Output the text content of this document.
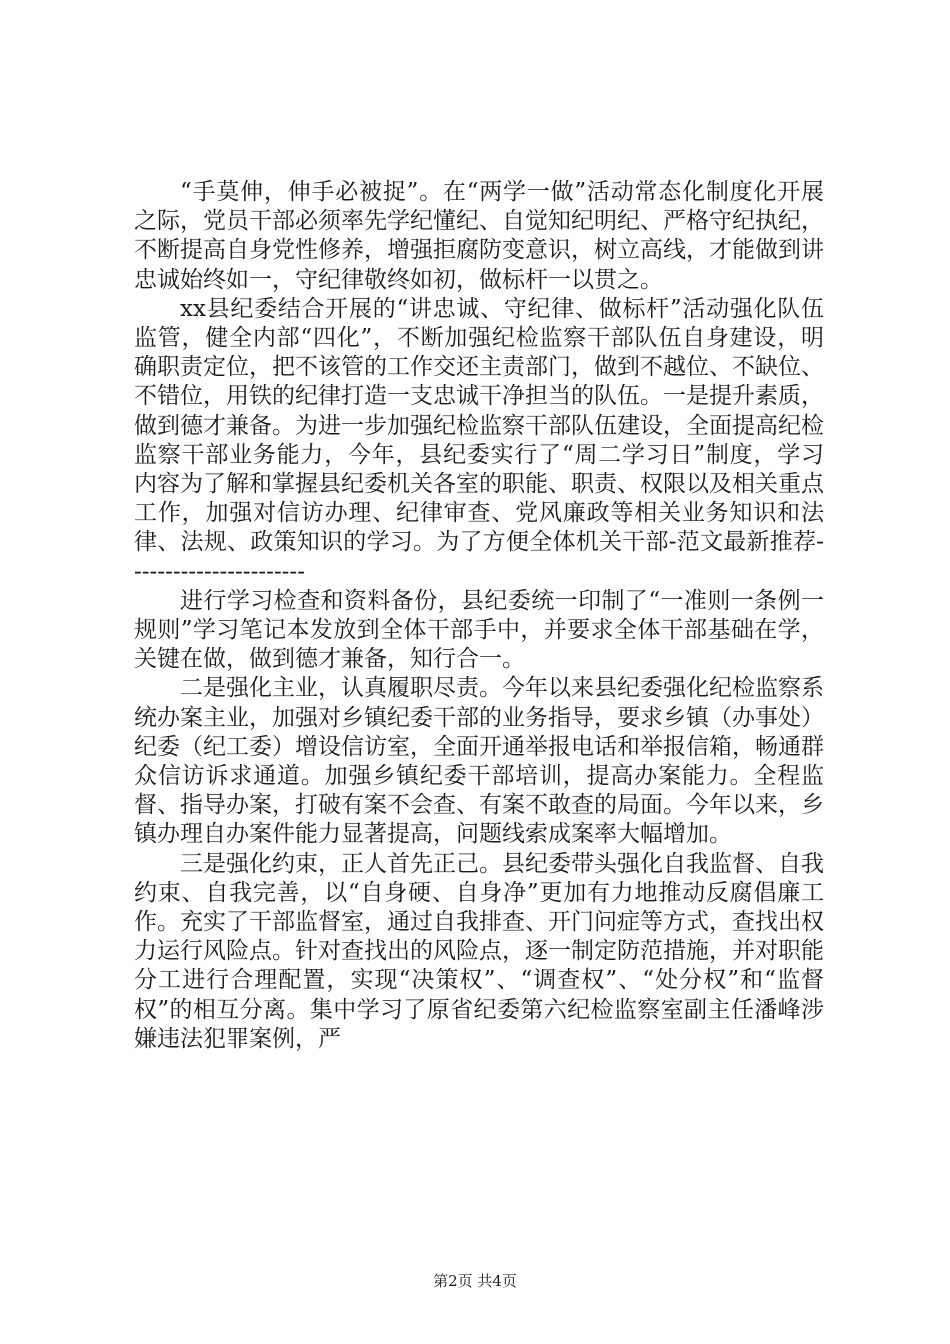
“手莫伸，伸手必被捉”。在“两学一做”活动常态化制度化开展之际，党员干部必须率先学纪懂纪、自觉知纪明纪、严格守纪执纪，不断提高自身党性修养，增强拒腐防变意识，树立高线，才能做到讲忠诚始终如一，守纪律敬终如初，做标杆一以贯之。

xx县纪委结合开展的“讲忠诚、守纪律、做标杆”活动强化队伍监管，健全内部“四化”，不断加强纪检监察干部队伍自身建设，明确职责定位，把不该管的工作交还主责部门，做到不越位、不缺位、不错位，用铁的纪律打造一支忠诚干净担当的队伍。一是提升素质，做到德才兼备。为进一步加强纪检监察干部队伍建设，全面提高纪检监察干部业务能力，今年，县纪委实行了“周二学习日”制度，学习内容为了解和掌握县纪委机关各室的职能、职责、权限以及相关重点工作，加强对信访办理、纪律审查、党风廉政等相关业务知识和法律、法规、政策知识的学习。为了方便全体机关干部-范文最新推荐-----------------------

进行学习检查和资料备份，县纪委统一印制了“一准则一条例一规则”学习笔记本发放到全体干部手中，并要求全体干部基础在学，关键在做，做到德才兼备，知行合一。

二是强化主业，认真履职尽责。今年以来县纪委强化纪检监察系统办案主业，加强对乡镇纪委干部的业务指导，要求乡镇（办事处）纪委（纪工委）增设信访室，全面开通举报电话和举报信箱，畅通群众信访诉求通道。加强乡镇纪委干部培训，提高办案能力。全程监督、指导办案，打破有案不会查、有案不敢查的局面。今年以来，乡镇办理自办案件能力显著提高，问题线索成案率大幅增加。

三是强化约束，正人首先正己。县纪委带头强化自我监督、自我约束、自我完善，以“自身硬、自身净”更加有力地推动反腐倡廉工作。充实了干部监督室，通过自我排查、开门问症等方式，查找出权力运行风险点。针对查找出的风险点，逐一制定防范措施，并对职能分工进行合理配置，实现“决策权”、“调查权”、“处分权”和“监督权”的相互分离。集中学习了原省纪委第六纪检监察室副主任潘峰涉嫌违法犯罪案例，严

第2页 共4页
